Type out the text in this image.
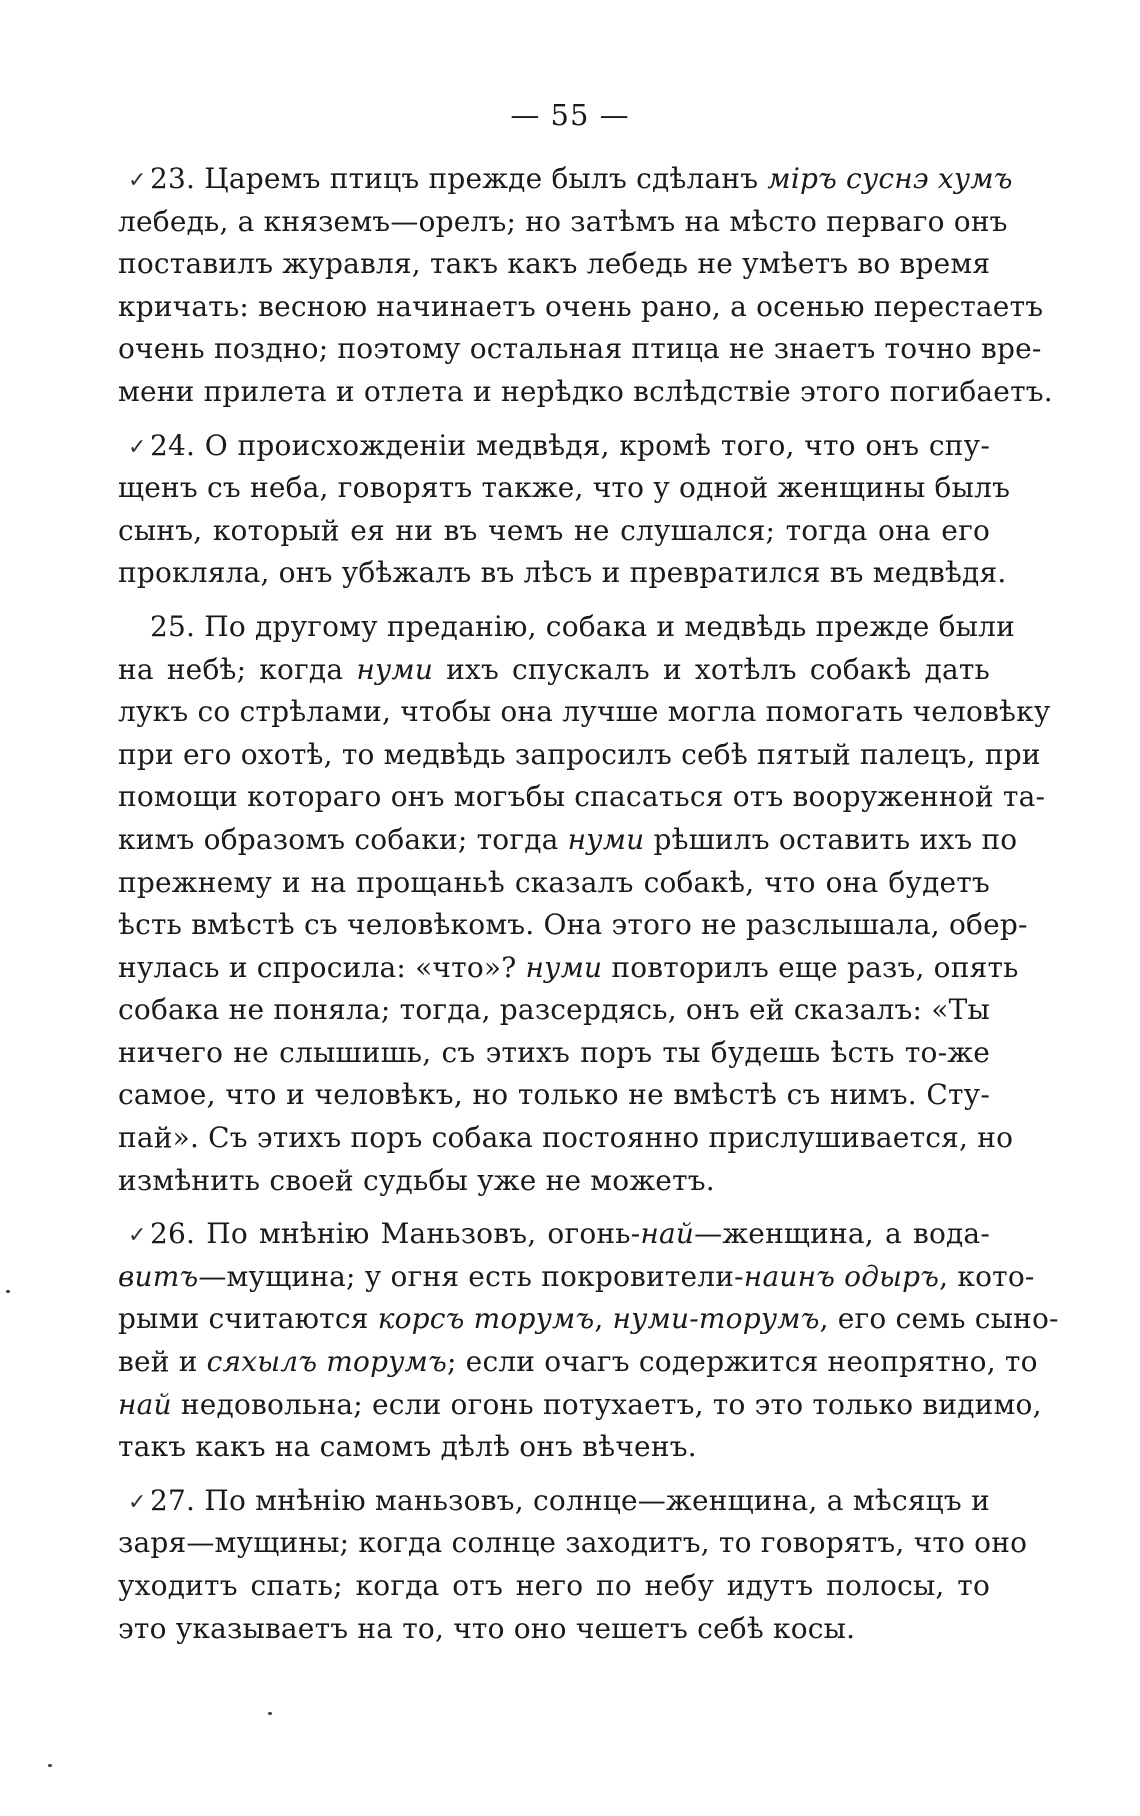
— 55 —
✓ 23. Царемъ птицъ прежде былъ сдѣланъ міръ суснэ хумъ
лебедь, а княземъ—орелъ; но затѣмъ на мѣсто перваго онъ
поставилъ журавля, такъ какъ лебедь не умѣетъ во время
кричать: весною начинаетъ очень рано, а осенью перестаетъ
очень поздно; поэтому остальная птица не знаетъ точно вре-
мени прилета и отлета и нерѣдко вслѣдствіе этого погибаетъ.
✓ 24. О происхожденіи медвѣдя, кромѣ того, что онъ спу-
щенъ съ неба, говорятъ также, что у одной женщины былъ
сынъ, который ея ни въ чемъ не слушался; тогда она его
прокляла, онъ убѣжалъ въ лѣсъ и превратился въ медвѣдя.
25. По другому преданію, собака и медвѣдь прежде были
на небѣ; когда нуми ихъ спускалъ и хотѣлъ собакѣ дать
лукъ со стрѣлами, чтобы она лучше могла помогать человѣку
при его охотѣ, то медвѣдь запросилъ себѣ пятый палецъ, при
помощи котораго онъ могъбы спасаться отъ вооруженной та-
кимъ образомъ собаки; тогда нуми рѣшилъ оставить ихъ по
прежнему и на прощаньѣ сказалъ собакѣ, что она будетъ
ѣсть вмѣстѣ съ человѣкомъ. Она этого не разслышала, обер-
нулась и спросила: «что»? нуми повторилъ еще разъ, опять
собака не поняла; тогда, разсердясь, онъ ей сказалъ: «Ты
ничего не слышишь, съ этихъ поръ ты будешь ѣсть то-же
самое, что и человѣкъ, но только не вмѣстѣ съ нимъ. Сту-
пай». Съ этихъ поръ собака постоянно прислушивается, но
измѣнить своей судьбы уже не можетъ.
✓ 26. По мнѣнію Маньзовъ, огонь-най—женщина, а вода-
витъ—мущина; у огня есть покровители-наинъ одыръ, кото-
рыми считаются корсъ торумъ, нуми-торумъ, его семь сыно-
вей и сяхылъ торумъ; если очагъ содержится неопрятно, то
най недовольна; если огонь потухаетъ, то это только видимо,
такъ какъ на самомъ дѣлѣ онъ вѣченъ.
✓ 27. По мнѣнію маньзовъ, солнце—женщина, а мѣсяцъ и
заря—мущины; когда солнце заходитъ, то говорятъ, что оно
уходитъ спать; когда отъ него по небу идутъ полосы, то
это указываетъ на то, что оно чешетъ себѣ косы.
